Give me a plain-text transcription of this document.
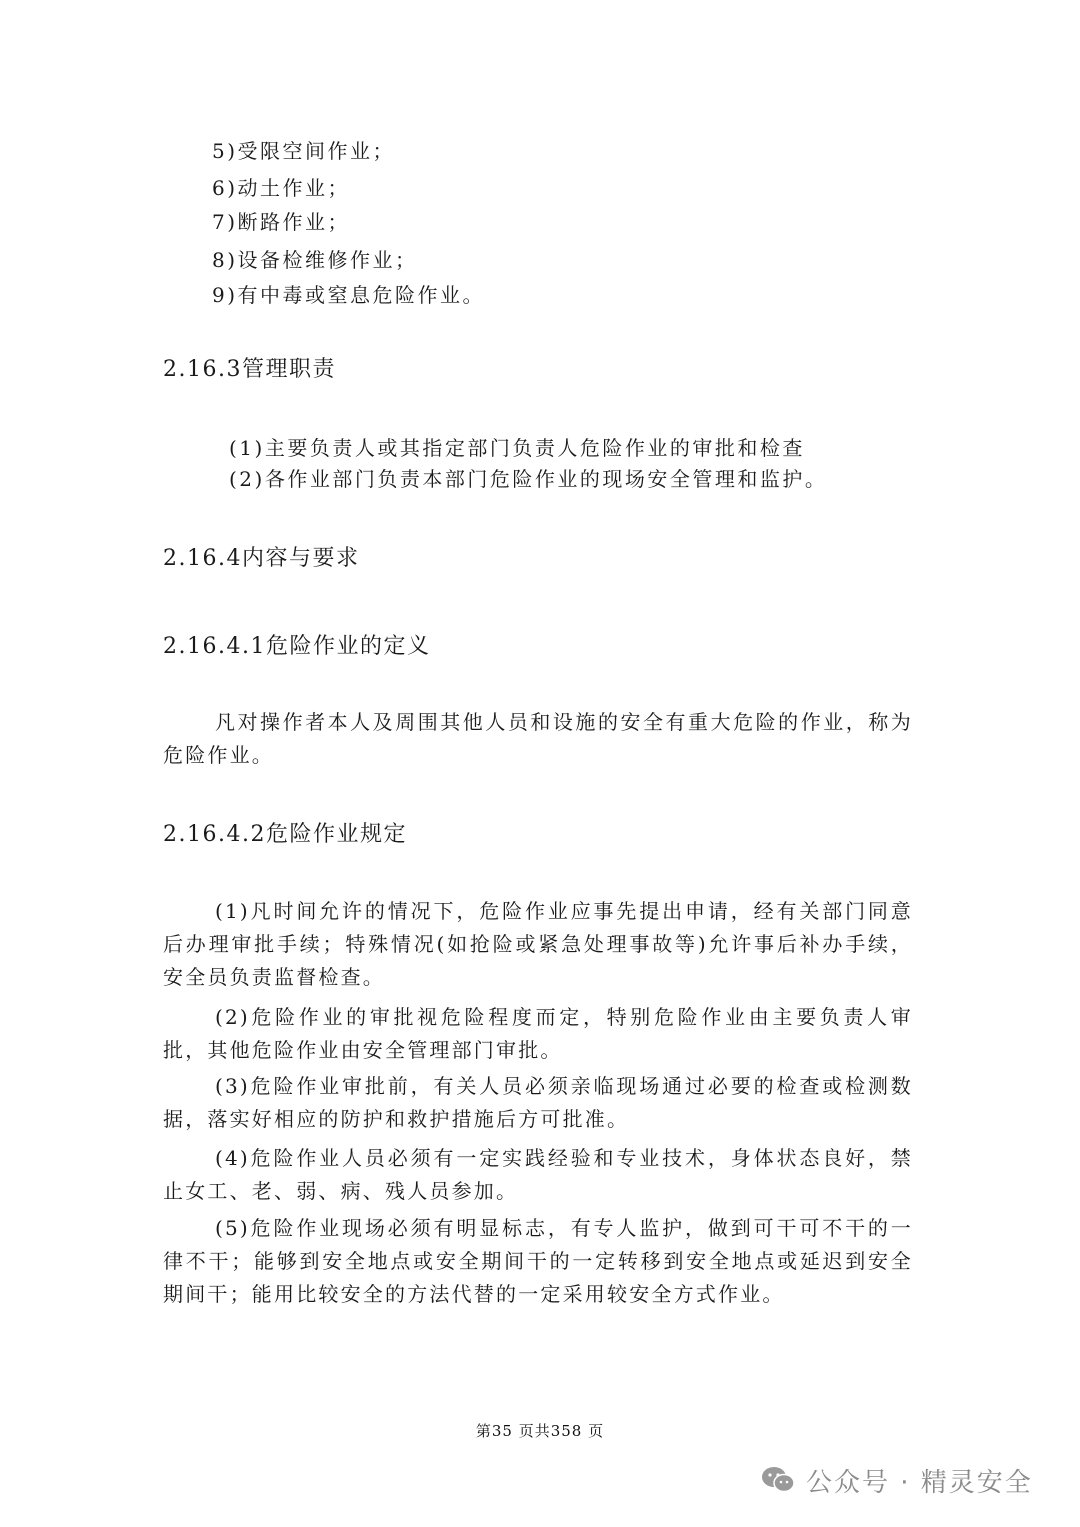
5)受限空间作业；
6)动土作业；
7)断路作业；
8)设备检维修作业；
9)有中毒或窒息危险作业。
2.16.3管理职责
(1)主要负责人或其指定部门负责人危险作业的审批和检查
(2)各作业部门负责本部门危险作业的现场安全管理和监护。
2.16.4内容与要求
2.16.4.1危险作业的定义

凡对操作者本人及周围其他人员和设施的安全有重大危险的作业，称为危险作业。

2.16.4.2危险作业规定

(1)凡时间允许的情况下，危险作业应事先提出申请，经有关部门同意后办理审批手续；特殊情况(如抢险或紧急处理事故等)允许事后补办手续，安全员负责监督检查。

(2)危险作业的审批视危险程度而定，特别危险作业由主要负责人审批，其他危险作业由安全管理部门审批。

(3)危险作业审批前，有关人员必须亲临现场通过必要的检查或检测数据，落实好相应的防护和救护措施后方可批准。

(4)危险作业人员必须有一定实践经验和专业技术，身体状态良好，禁止女工、老、弱、病、残人员参加。

(5)危险作业现场必须有明显标志，有专人监护，做到可干可不干的一律不干；能够到安全地点或安全期间干的一定转移到安全地点或延迟到安全期间干；能用比较安全的方法代替的一定采用较安全方式作业。

第35 页共358 页
公众号 · 精灵安全
